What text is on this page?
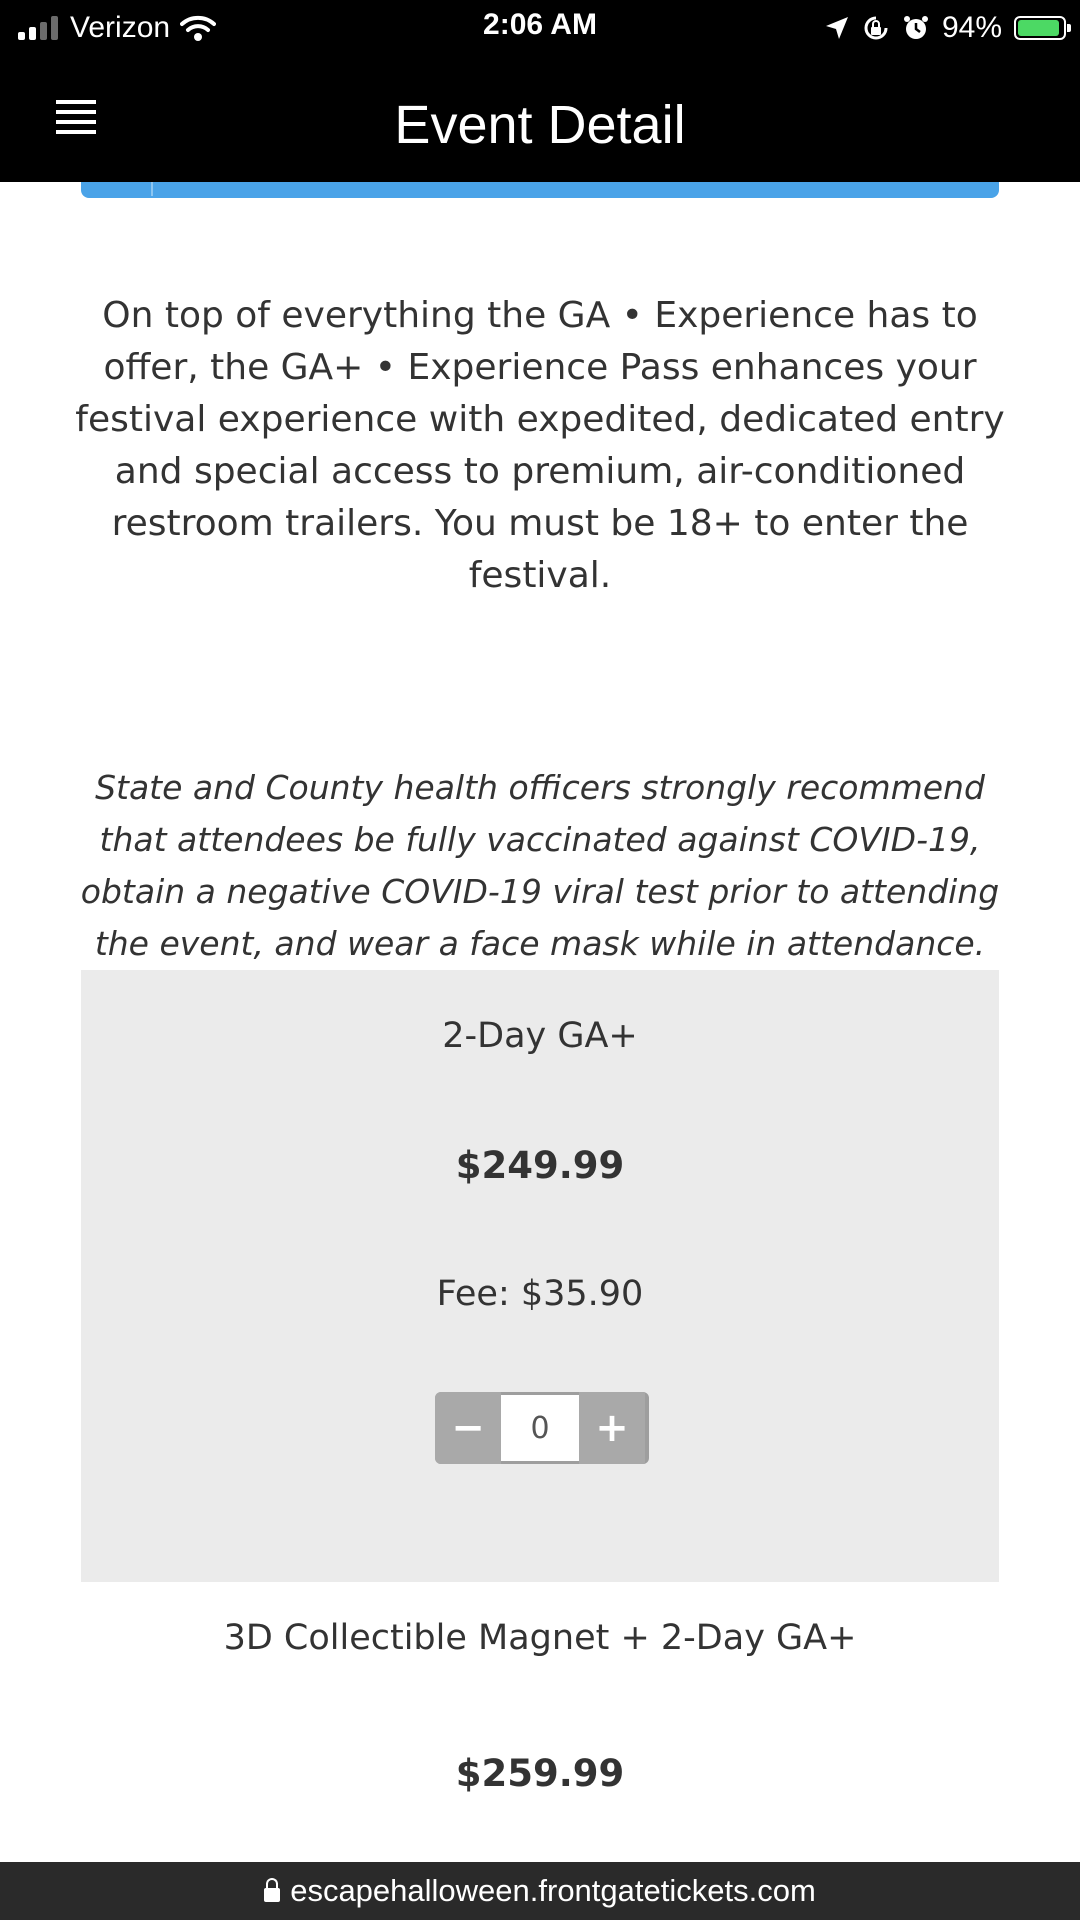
Verizon	2:06 AM	94%
Event Detail
On top of everything the GA • Experience has to offer, the GA+ • Experience Pass enhances your festival experience with expedited, dedicated entry and special access to premium, air-conditioned restroom trailers. You must be 18+ to enter the festival.
State and County health officers strongly recommend that attendees be fully vaccinated against COVID-19, obtain a negative COVID-19 viral test prior to attending the event, and wear a face mask while in attendance.
2-Day GA+
$249.99
Fee: $35.90
−
0	+
3D Collectible Magnet + 2-Day GA+
$259.99
escapehalloween.frontgatetickets.com
